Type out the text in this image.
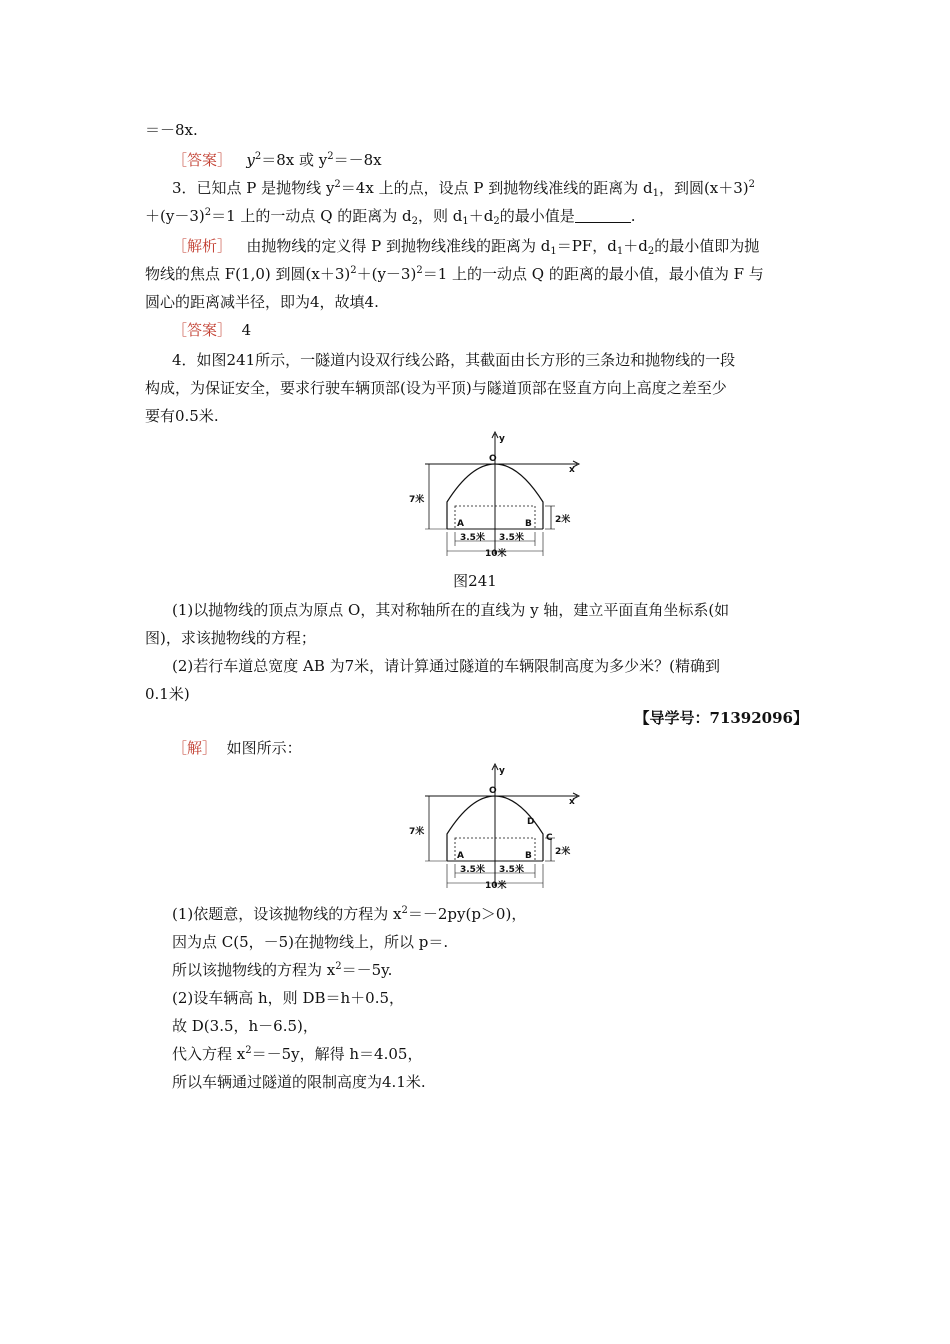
＝－8x.
［答案］ $y^2=8x$ 或 $y^2=-8x$
3．已知点 P 是抛物线 $y^2=4x$ 上的点，设点 P 到抛物线准线的距离为 $d_1$，到圆$(x+3)^2$
$+(y-3)^2=1$ 上的一动点 Q 的距离为 $d_2$，则 $d_1+d_2$的最小值是	.
［解析］ 由抛物线的定义得 P 到抛物线准线的距离为 $d_1=PF$，$d_1+d_2$的最小值即为抛
物线的焦点 F(1,0) 到圆$(x+3)^2+(y-3)^2=1$ 上的一动点 Q 的距离的最小值，最小值为 F 与
圆心的距离减半径，即为4，故填4.
［答案］ 4
4．如图241所示，一隧道内设双行线公路，其截面由长方形的三条边和抛物线的一段
构成，为保证安全，要求行驶车辆顶部(设为平顶)与隧道顶部在竖直方向上高度之差至少
要有0.5米.
y
x
O
7米
2米
A	B
3.5米 3.5米
10米
图241
(1)以抛物线的顶点为原点 O，其对称轴所在的直线为 y 轴，建立平面直角坐标系(如
图)，求该抛物线的方程；
(2)若行车道总宽度 AB 为7米，请计算通过隧道的车辆限制高度为多少米？(精确到
0.1米)
【导学号：71392096】
［解］ 如图所示：
y
x
O
7米
2米
C
D
A	B
3.5米 3.5米
10米
(1)依题意，设该抛物线的方程为 $x^2=-2py(p>0)$，
因为点 C(5，－5)在抛物线上，所以 p＝.
所以该抛物线的方程为 $x^2=-5y$.
(2)设车辆高 h，则 DB＝h＋0.5，
故 D(3.5，h－6.5)，
代入方程 $x^2=-5y$，解得 h＝4.05，
所以车辆通过隧道的限制高度为4.1米.
